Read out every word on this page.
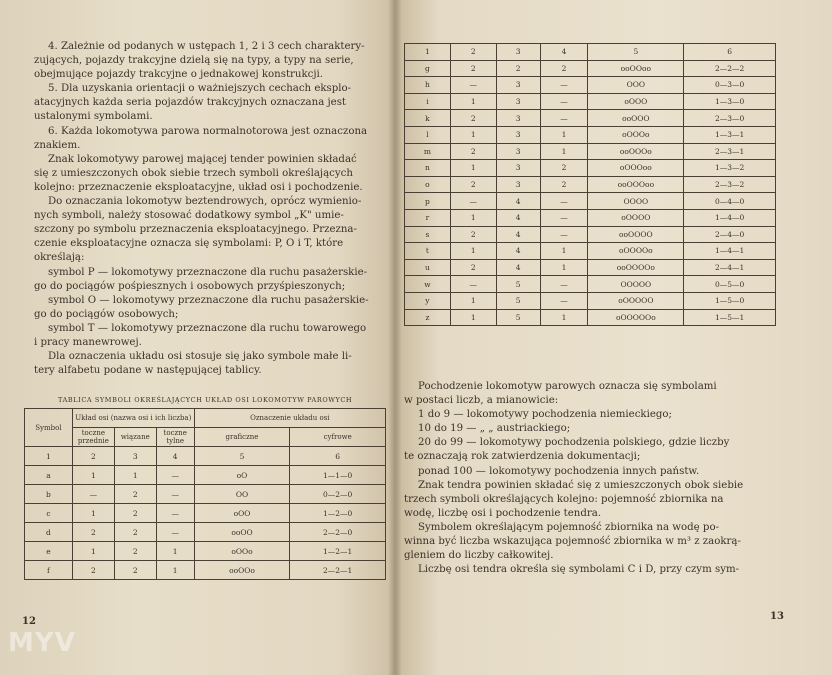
4. Zależnie od podanych w ustępach 1, 2 i 3 cech charaktery-

zujących, pojazdy trakcyjne dzielą się na typy, a typy na serie,

obejmujące pojazdy trakcyjne o jednakowej konstrukcji.

5. Dla uzyskania orientacji o ważniejszych cechach eksplo-

atacyjnych każda seria pojazdów trakcyjnych oznaczana jest

ustalonymi symbolami.

6. Każda lokomotywa parowa normalnotorowa jest oznaczona

znakiem.

Znak lokomotywy parowej mającej tender powinien składać

się z umieszczonych obok siebie trzech symboli określających

kolejno: przeznaczenie eksploatacyjne, układ osi i pochodzenie.

Do oznaczania lokomotyw beztendrowych, oprócz wymienio-

nych symboli, należy stosować dodatkowy symbol „K" umie-

szczony po symbolu przeznaczenia eksploatacyjnego. Przezna-

czenie eksploatacyjne oznacza się symbolami: P, O i T, które

określają:

symbol P — lokomotywy przeznaczone dla ruchu pasażerskie-

go do pociągów pośpiesznych i osobowych przyśpieszonych;

symbol O — lokomotywy przeznaczone dla ruchu pasażerskie-

go do pociągów osobowych;

symbol T — lokomotywy przeznaczone dla ruchu towarowego

i pracy manewrowej.

Dla oznaczenia układu osi stosuje się jako symbole małe li-

tery alfabetu podane w następującej tablicy.

TABLICA SYMBOLI OKREŚLAJĄCYCH UKŁAD OSI LOKOMOTYW PAROWYCH
Symbol	Układ osi (nazwa osi i ich liczba)			Oznaczenie układu osi	
	toczne przednie	wiązane	toczne tylne	graficzne	cyfrowe
1	2	3	4	5	6
a	1	1	—	oO	1—1—0
b	—	2	—	OO	0—2—0
c	1	2	—	oOO	1—2—0
d	2	2	—	ooOO	2—2—0
e	1	2	1	oOOo	1—2—1
f	2	2	1	ooOOo	2—2—1
12
1	2	3	4	5	6
g	2	2	2	ooOOoo	2—2—2
h	—	3	—	OOO	0—3—0
i	1	3	—	oOOO	1—3—0
k	2	3	—	ooOOO	2—3—0
l	1	3	1	oOOOo	1—3—1
m	2	3	1	ooOOOo	2—3—1
n	1	3	2	oOOOoo	1—3—2
o	2	3	2	ooOOOoo	2—3—2
p	—	4	—	OOOO	0—4—0
r	1	4	—	oOOOO	1—4—0
s	2	4	—	ooOOOO	2—4—0
t	1	4	1	oOOOOo	1—4—1
u	2	4	1	ooOOOOo	2—4—1
w	—	5	—	OOOOO	0—5—0
y	1	5	—	oOOOOO	1—5—0
z	1	5	1	oOOOOOo	1—5—1

Pochodzenie lokomotyw parowych oznacza się symbolami

w postaci liczb, a mianowicie:

1 do 9 — lokomotywy pochodzenia niemieckiego;

10 do 19 — „ „ austriackiego;

20 do 99 — lokomotywy pochodzenia polskiego, gdzie liczby

te oznaczają rok zatwierdzenia dokumentacji;

ponad 100 — lokomotywy pochodzenia innych państw.

Znak tendra powinien składać się z umieszczonych obok siebie

trzech symboli określających kolejno: pojemność zbiornika na

wodę, liczbę osi i pochodzenie tendra.

Symbolem określającym pojemność zbiornika na wodę po-

winna być liczba wskazująca pojemność zbiornika w m³ z zaokrą-

gleniem do liczby całkowitej.

Liczbę osi tendra określa się symbolami C i D, przy czym sym-

13
MYV
